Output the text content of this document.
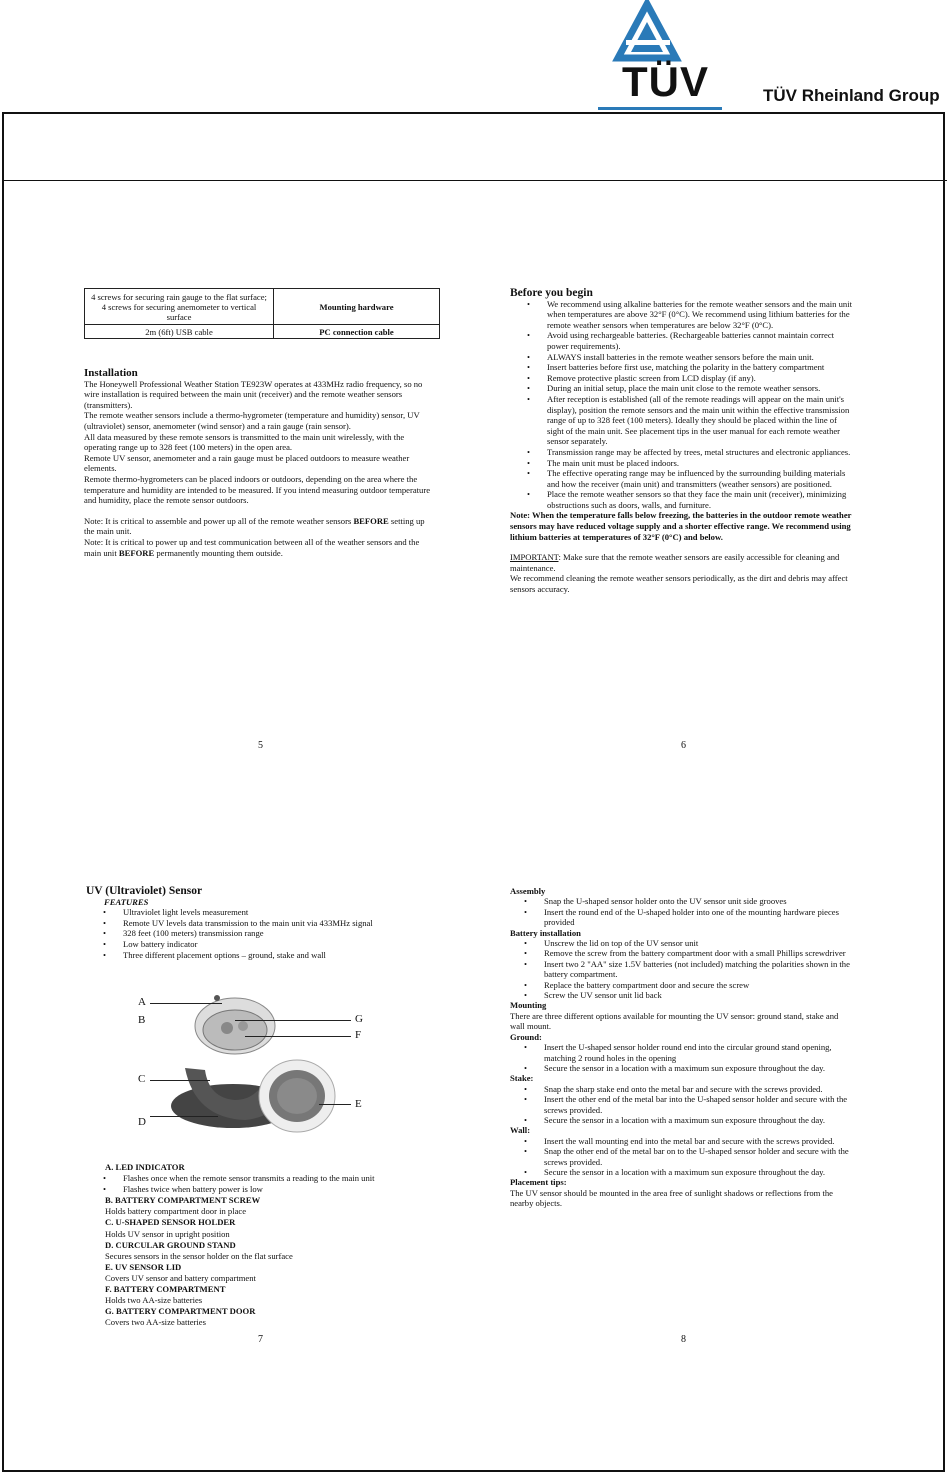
TÜV	TÜV Rheinland Group
4 screws for securing rain gauge to the flat surface; 4 screws for securing anemometer to vertical surface	Mounting hardware
2m (6ft) USB cable	PC connection cable
Installation
The Honeywell Professional Weather Station TE923W operates at 433MHz radio frequency, so no wire installation is required between the main unit (receiver) and the remote weather sensors (transmitters).
The remote weather sensors include a thermo-hygrometer (temperature and humidity) sensor, UV (ultraviolet) sensor, anemometer (wind sensor) and a rain gauge (rain sensor).
All data measured by these remote sensors is transmitted to the main unit wirelessly, with the operating range up to 328 feet (100 meters) in the open area.
Remote UV sensor, anemometer and a rain gauge must be placed outdoors to measure weather elements.
Remote thermo-hygrometers can be placed indoors or outdoors, depending on the area where the temperature and humidity are intended to be measured. If you intend measuring outdoor temperature and humidity, place the remote sensor outdoors.
Note: It is critical to assemble and power up all of the remote weather sensors BEFORE setting up the main unit.
Note: It is critical to power up and test communication between all of the weather sensors and the main unit BEFORE permanently mounting them outside.
5
Before you begin
• We recommend using alkaline batteries for the remote weather sensors and the main unit when temperatures are above 32°F (0°C). We recommend using lithium batteries for the remote weather sensors when temperatures are below 32°F (0°C).
• Avoid using rechargeable batteries. (Rechargeable batteries cannot maintain correct power requirements).
• ALWAYS install batteries in the remote weather sensors before the main unit.
• Insert batteries before first use, matching the polarity in the battery compartment
• Remove protective plastic screen from LCD display (if any).
• During an initial setup, place the main unit close to the remote weather sensors.
• After reception is established (all of the remote readings will appear on the main unit's display), position the remote sensors and the main unit within the effective transmission range of up to 328 feet (100 meters). Ideally they should be placed within the line of sight of the main unit. See placement tips in the user manual for each remote weather sensor separately.
• Transmission range may be affected by trees, metal structures and electronic appliances.
• The main unit must be placed indoors.
• The effective operating range may be influenced by the surrounding building materials and how the receiver (main unit) and transmitters (weather sensors) are positioned.
• Place the remote weather sensors so that they face the main unit (receiver), minimizing obstructions such as doors, walls, and furniture.
Note: When the temperature falls below freezing, the batteries in the outdoor remote weather sensors may have reduced voltage supply and a shorter effective range. We recommend using lithium batteries at temperatures of 32°F (0°C) and below.
IMPORTANT: Make sure that the remote weather sensors are easily accessible for cleaning and maintenance.
We recommend cleaning the remote weather sensors periodically, as the dirt and debris may affect sensors accuracy.
6
UV (Ultraviolet) Sensor
FEATURES
• Ultraviolet light levels measurement
• Remote UV levels data transmission to the main unit via 433MHz signal
• 328 feet (100 meters) transmission range
• Low battery indicator
• Three different placement options – ground, stake and wall
A
B
C
D
E
F
G
A. LED INDICATOR
• Flashes once when the remote sensor transmits a reading to the main unit
• Flashes twice when battery power is low
B. BATTERY COMPARTMENT SCREW
Holds battery compartment door in place
C. U-SHAPED SENSOR HOLDER
Holds UV sensor in upright position
D. CURCULAR GROUND STAND
Secures sensors in the sensor holder on the flat surface
E. UV SENSOR LID
Covers UV sensor and battery compartment
F. BATTERY COMPARTMENT
Holds two AA-size batteries
G. BATTERY COMPARTMENT DOOR
Covers two AA-size batteries
7
Assembly
• Snap the U-shaped sensor holder onto the UV sensor unit side grooves
• Insert the round end of the U-shaped holder into one of the mounting hardware pieces provided
Battery installation
• Unscrew the lid on top of the UV sensor unit
• Remove the screw from the battery compartment door with a small Phillips screwdriver
• Insert two 2 "AA" size 1.5V batteries (not included) matching the polarities shown in the battery compartment.
• Replace the battery compartment door and secure the screw
• Screw the UV sensor unit lid back
Mounting
There are three different options available for mounting the UV sensor: ground stand, stake and wall mount.
Ground:
• Insert the U-shaped sensor holder round end into the circular ground stand opening, matching 2 round holes in the opening
• Secure the sensor in a location with a maximum sun exposure throughout the day.
Stake:
• Snap the sharp stake end onto the metal bar and secure with the screws provided.
• Insert the other end of the metal bar into the U-shaped sensor holder and secure with the screws provided.
• Secure the sensor in a location with a maximum sun exposure throughout the day.
Wall:
• Insert the wall mounting end into the metal bar and secure with the screws provided.
• Snap the other end of the metal bar on to the U-shaped sensor holder and secure with the screws provided.
• Secure the sensor in a location with a maximum sun exposure throughout the day.
Placement tips:
The UV sensor should be mounted in the area free of sunlight shadows or reflections from the nearby objects.
8
